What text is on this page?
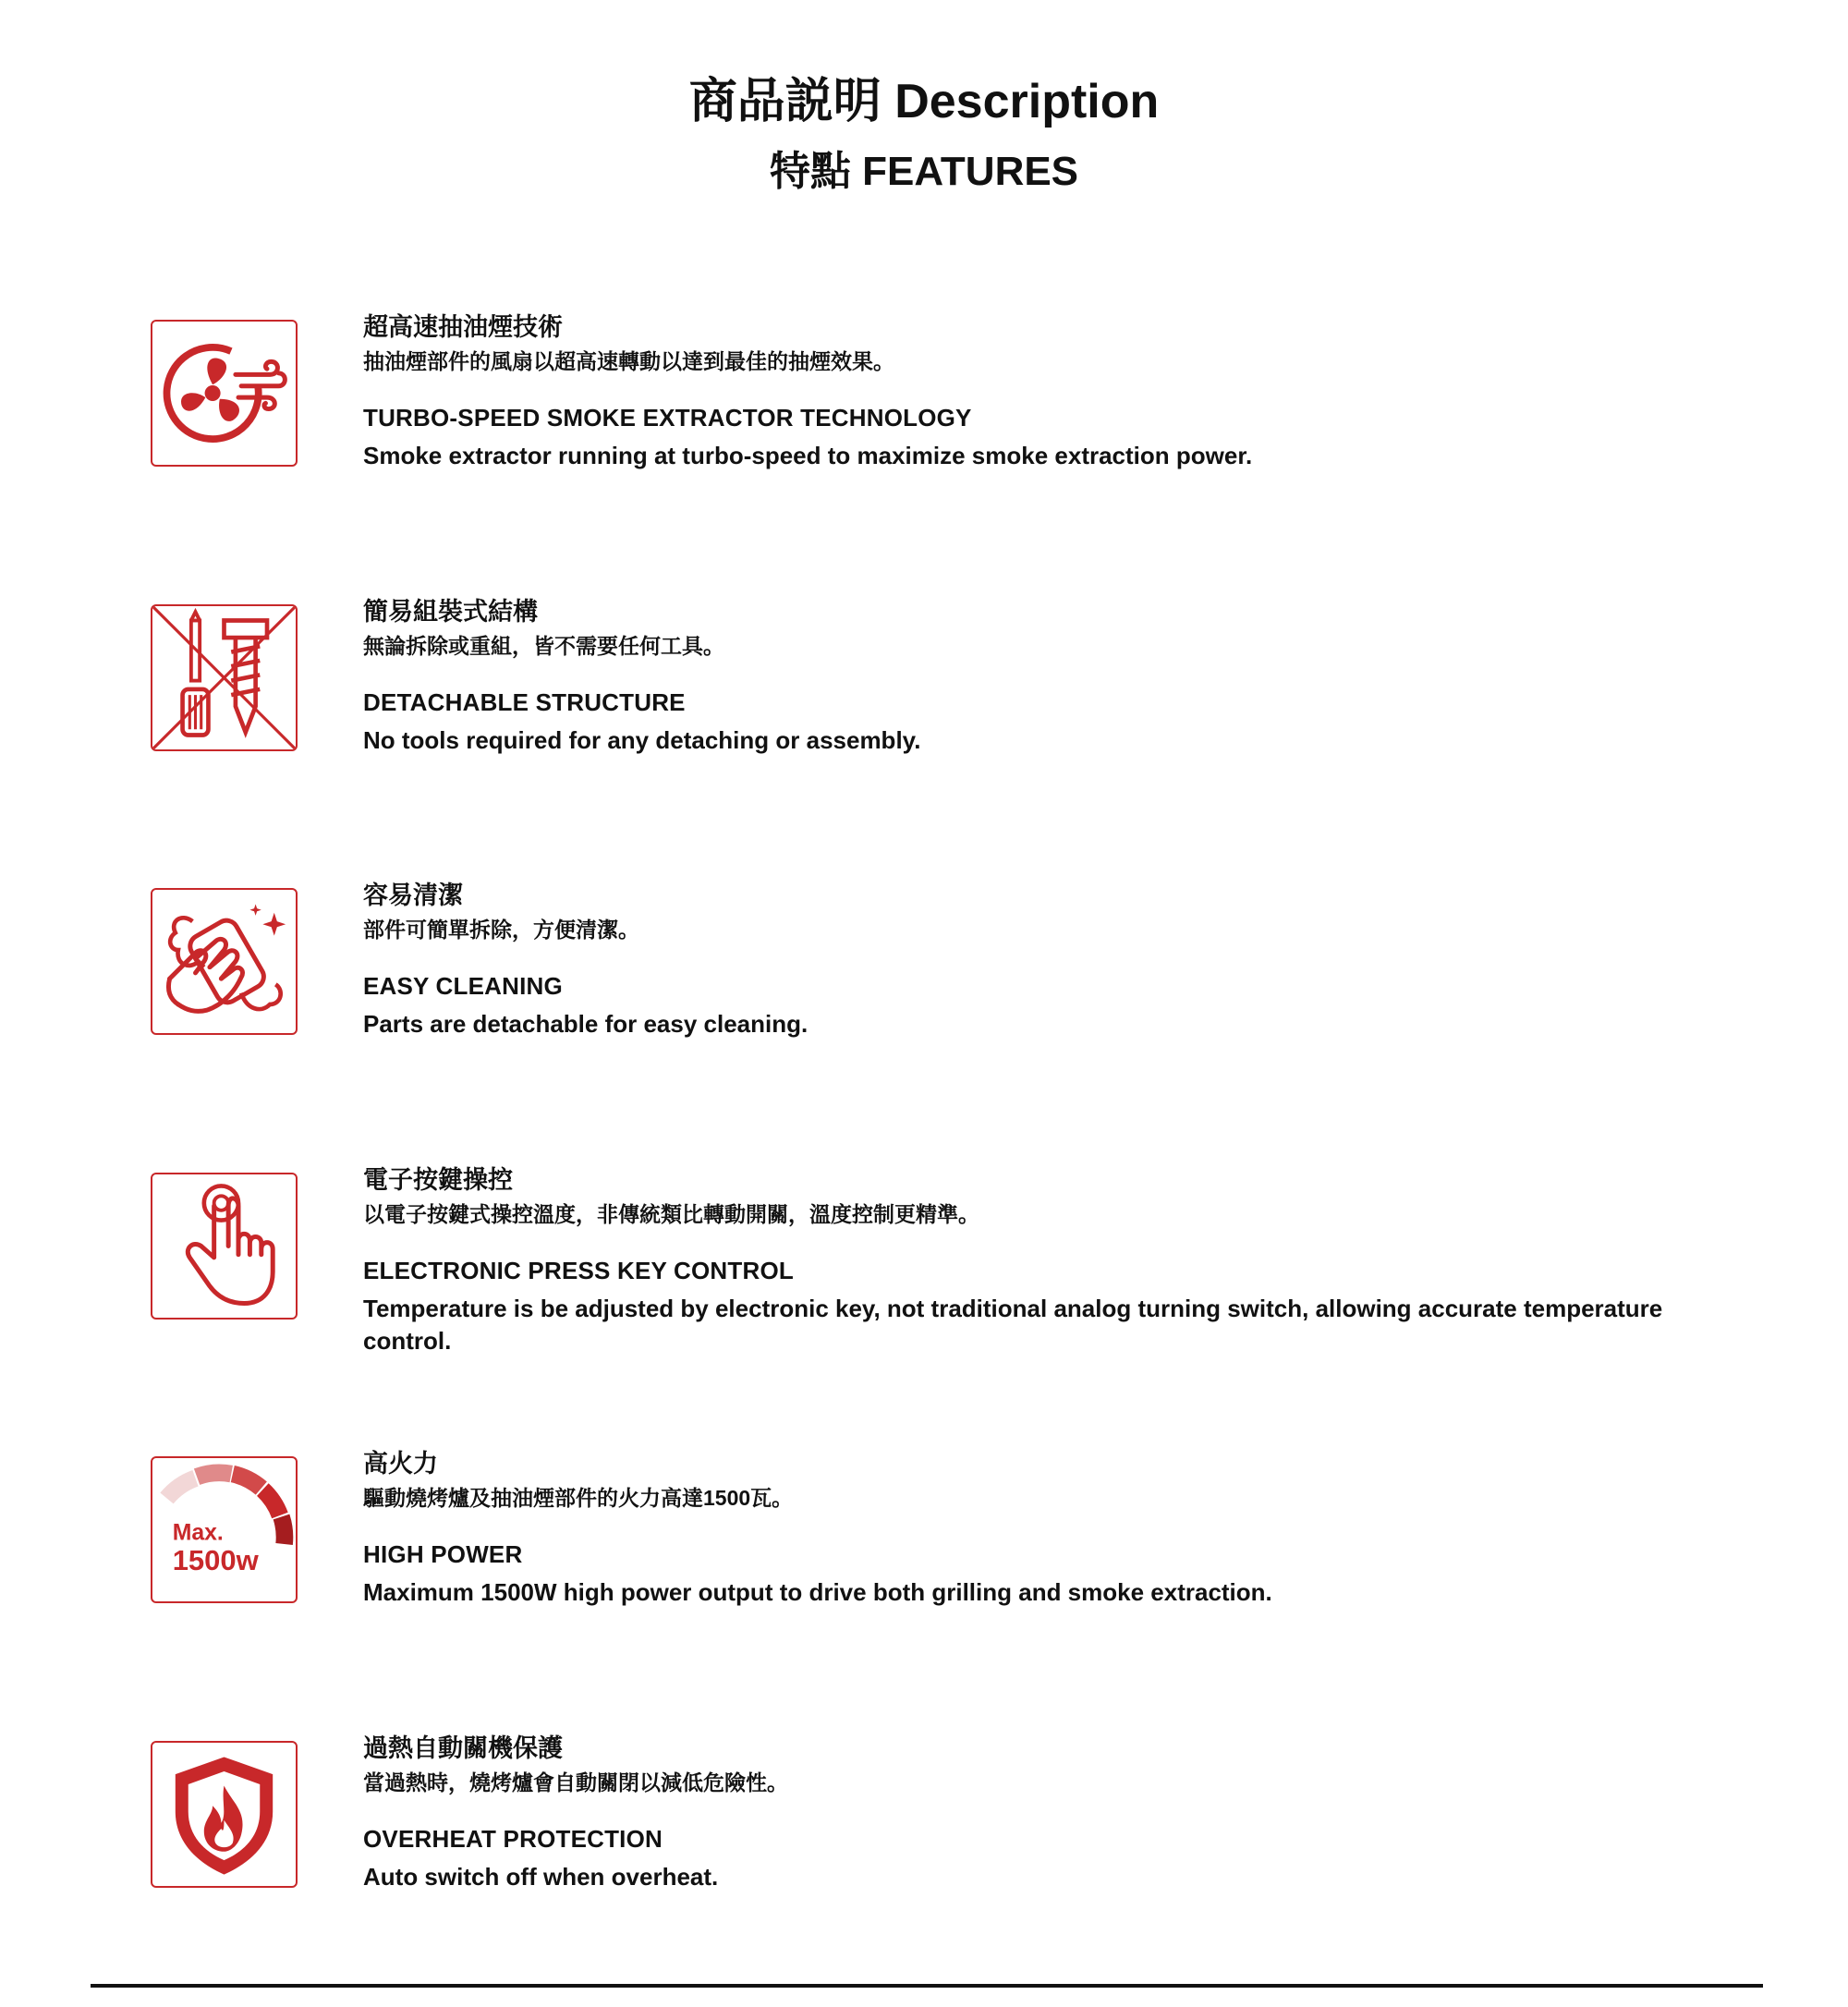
商品説明 Description
特點 FEATURES

超高速抽油煙技術

抽油煙部件的風扇以超高速轉動以達到最佳的抽煙效果。

TURBO-SPEED SMOKE EXTRACTOR TECHNOLOGY

Smoke extractor running at turbo-speed to maximize smoke extraction power.

簡易組裝式結構

無論拆除或重組，皆不需要任何工具。

DETACHABLE STRUCTURE

No tools required for any detaching or assembly.

容易清潔

部件可簡單拆除，方便清潔。

EASY CLEANING

Parts are detachable for easy cleaning.

電子按鍵操控

以電子按鍵式操控溫度，非傳統類比轉動開關，溫度控制更精準。

ELECTRONIC PRESS KEY CONTROL

Temperature is be adjusted by electronic key, not traditional analog turning switch, allowing accurate temperature control.

Max.
1500w

高火力

驅動燒烤爐及抽油煙部件的火力高達1500瓦。

HIGH POWER

Maximum 1500W high power output to drive both grilling and smoke extraction.

過熱自動關機保護

當過熱時，燒烤爐會自動關閉以減低危險性。

OVERHEAT PROTECTION

Auto switch off when overheat.
